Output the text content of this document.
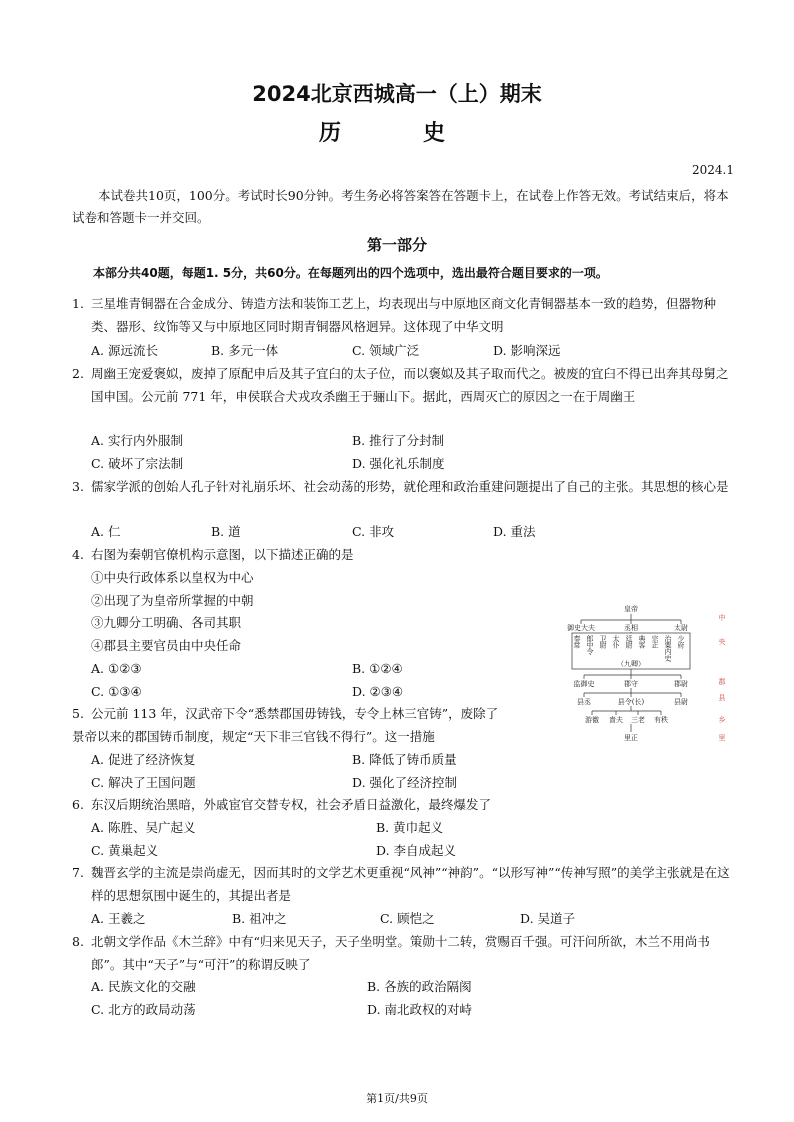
2024北京西城高一（上）期末
历　史
2024.1
本试卷共10页，100分。考试时长90分钟。考生务必将答案答在答题卡上，在试卷上作答无效。考试结束后，将本试卷和答题卡一并交回。
第一部分
本部分共40题，每题1. 5分，共60分。在每题列出的四个选项中，选出最符合题目要求的一项。
1. 三星堆青铜器在合金成分、铸造方法和装饰工艺上，均表现出与中原地区商文化青铜器基本一致的趋势，但器物种类、器形、纹饰等又与中原地区同时期青铜器风格迥异。这体现了中华文明
A. 源远流长	B. 多元一体	C. 领域广泛	D. 影响深远
2. 周幽王宠爱褒姒，废掉了原配申后及其子宜臼的太子位，而以褒姒及其子取而代之。被废的宜臼不得已出奔其母舅之国申国。公元前 771 年，申侯联合犬戎攻杀幽王于骊山下。据此，西周灭亡的原因之一在于周幽王
A. 实行内外服制	B. 推行了分封制
C. 破坏了宗法制	D. 强化礼乐制度
3. 儒家学派的创始人孔子针对礼崩乐坏、社会动荡的形势，就伦理和政治重建问题提出了自己的主张。其思想的核心是
A. 仁	B. 道	C. 非攻	D. 重法
4. 右图为秦朝官僚机构示意图，以下描述正确的是
①中央行政体系以皇权为中心
②出现了为皇帝所掌握的中朝
③九卿分工明确、各司其职
④郡县主要官员由中央任命
A. ①②③	B. ①②④
C. ①③④	D. ②③④
5. 公元前 113 年，汉武帝下令“悉禁郡国毋铸钱，专令上林三官铸”，废除了
景帝以来的郡国铸币制度，规定“天下非三官钱不得行”。这一措施
A. 促进了经济恢复	B. 降低了铸币质量
C. 解决了王国问题	D. 强化了经济控制
6. 东汉后期统治黑暗，外戚宦官交替专权，社会矛盾日益激化，最终爆发了
A. 陈胜、吴广起义	B. 黄巾起义
C. 黄巢起义	D. 李自成起义
7. 魏晋玄学的主流是崇尚虚无，因而其时的文学艺术更重视“风神”“神韵”。“以形写神”“传神写照”的美学主张就是在这样的思想氛围中诞生的，其提出者是
A. 王羲之	B. 祖冲之	C. 顾恺之	D. 吴道子
8. 北朝文学作品《木兰辞》中有“归来见天子，天子坐明堂。策勋十二转，赏赐百千强。可汗问所欲，木兰不用尚书郎”。其中“天子”与“可汗”的称谓反映了
A. 民族文化的交融	B. 各族的政治隔阂
C. 北方的政局动荡	D. 南北政权的对峙
皇帝
御史大夫	丞相	太尉
奉常
郎中令
卫尉
太仆
廷尉
典客
宗正
治粟内史
少府
（九卿）
监御史	郡守	郡尉
县丞	县令(长)	县尉
游徼 啬夫 三老 有秩
里正
中
央
郡
县
乡
里
第1页/共9页
